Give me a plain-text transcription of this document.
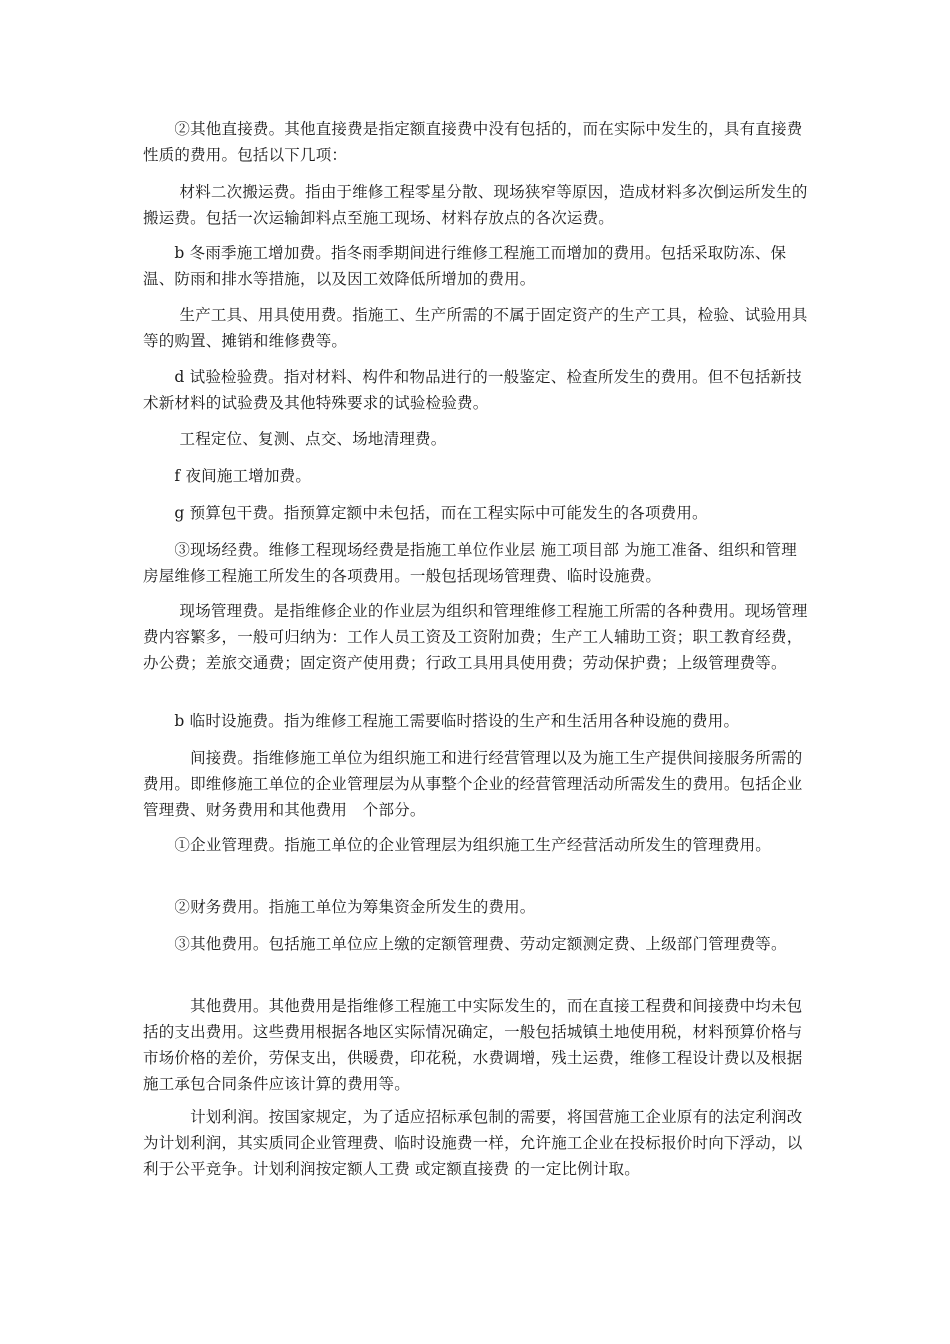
　　②其他直接费。其他直接费是指定额直接费中没有包括的，而在实际中发生的，具有直接费性质的费用。包括以下几项：

　　 材料二次搬运费。指由于维修工程零星分散、现场狭窄等原因，造成材料多次倒运所发生的搬运费。包括一次运输卸料点至施工现场、材料存放点的各次运费。

　　b 冬雨季施工增加费。指冬雨季期间进行维修工程施工而增加的费用。包括采取防冻、保温、防雨和排水等措施，以及因工效降低所增加的费用。

　　 生产工具、用具使用费。指施工、生产所需的不属于固定资产的生产工具，检验、试验用具等的购置、摊销和维修费等。

　　d 试验检验费。指对材料、构件和物品进行的一般鉴定、检查所发生的费用。但不包括新技术新材料的试验费及其他特殊要求的试验检验费。

　　 工程定位、复测、点交、场地清理费。

　　f 夜间施工增加费。

　　g 预算包干费。指预算定额中未包括，而在工程实际中可能发生的各项费用。

　　③现场经费。维修工程现场经费是指施工单位作业层 施工项目部 为施工准备、组织和管理房屋维修工程施工所发生的各项费用。一般包括现场管理费、临时设施费。

　　 现场管理费。是指维修企业的作业层为组织和管理维修工程施工所需的各种费用。现场管理费内容繁多，一般可归纳为：工作人员工资及工资附加费；生产工人辅助工资；职工教育经费，办公费；差旅交通费；固定资产使用费；行政工具用具使用费；劳动保护费；上级管理费等。

　　b 临时设施费。指为维修工程施工需要临时搭设的生产和生活用各种设施的费用。

　　　间接费。指维修施工单位为组织施工和进行经营管理以及为施工生产提供间接服务所需的费用。即维修施工单位的企业管理层为从事整个企业的经营管理活动所需发生的费用。包括企业管理费、财务费用和其他费用　个部分。

　　①企业管理费。指施工单位的企业管理层为组织施工生产经营活动所发生的管理费用。

　　②财务费用。指施工单位为筹集资金所发生的费用。

　　③其他费用。包括施工单位应上缴的定额管理费、劳动定额测定费、上级部门管理费等。

　　　其他费用。其他费用是指维修工程施工中实际发生的，而在直接工程费和间接费中均未包括的支出费用。这些费用根据各地区实际情况确定，一般包括城镇土地使用税，材料预算价格与市场价格的差价，劳保支出，供暖费，印花税，水费调增，残土运费，维修工程设计费以及根据施工承包合同条件应该计算的费用等。

　　　计划利润。按国家规定，为了适应招标承包制的需要，将国营施工企业原有的法定利润改为计划利润，其实质同企业管理费、临时设施费一样，允许施工企业在投标报价时向下浮动，以利于公平竞争。计划利润按定额人工费 或定额直接费 的一定比例计取。
